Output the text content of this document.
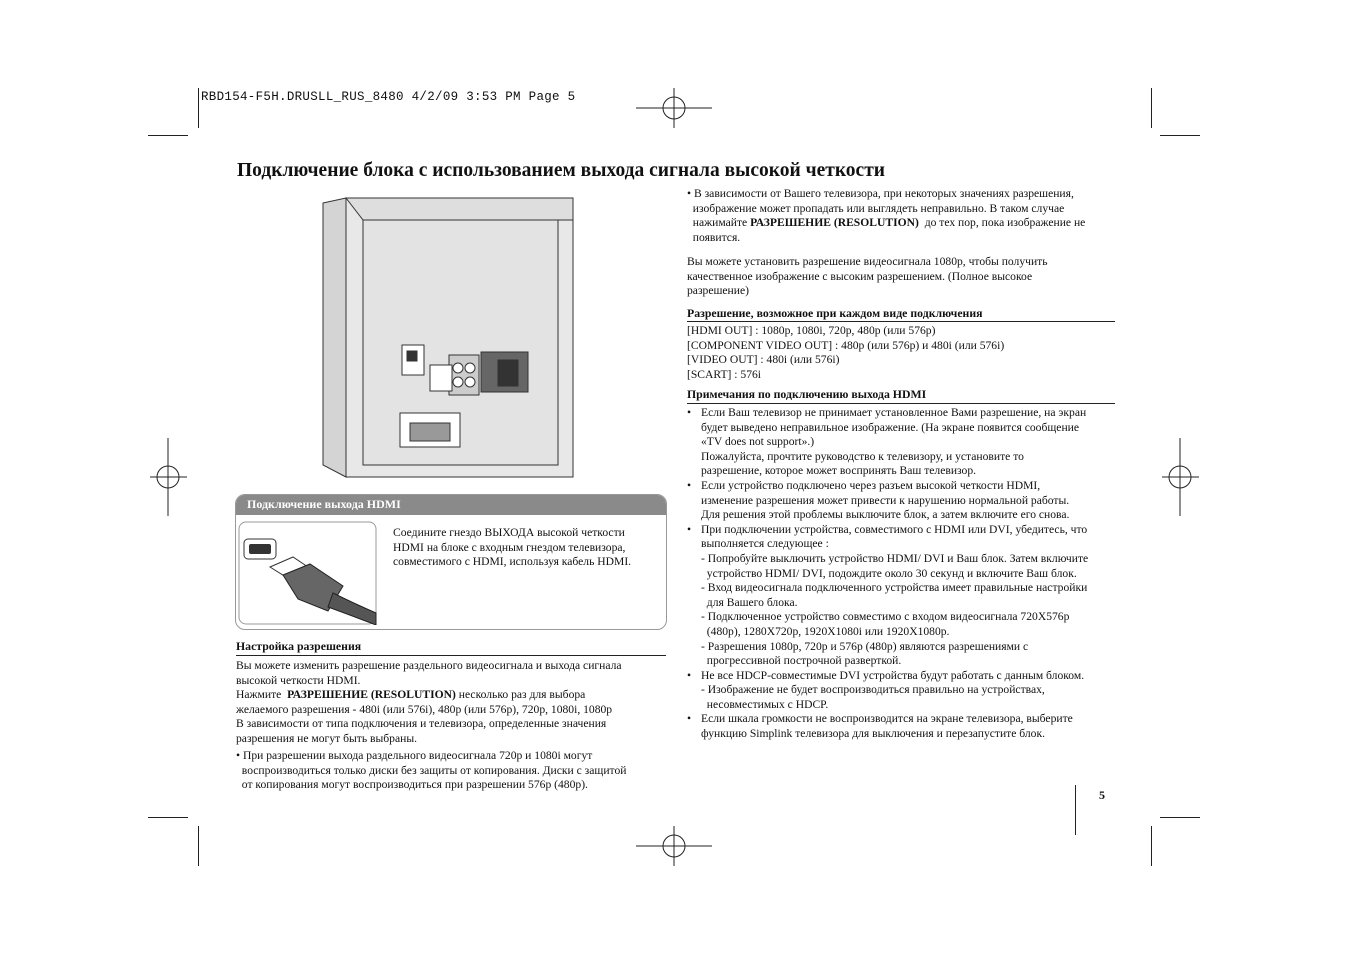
RBD154-F5H.DRUSLL_RUS_8480 4/2/09 3:53 PM Page 5
Подключение блока с использованием выхода сигнала высокой четкости
Подключение выхода HDMI
Соедините гнездо ВЫХОДА высокой четкости
HDMI на блоке с входным гнездом телевизора,
совместимого с HDMI, используя кабель HDMI.
Настройка разрешения
Вы можете изменить разрешение раздельного видеосигнала и выхода сигнала
высокой четкости HDMI.
Нажмите  РАЗРЕШЕНИЕ (RESOLUTION) несколько раз для выбора
желаемого разрешения - 480i (или 576i), 480p (или 576p), 720p, 1080i, 1080p
В зависимости от типа подключения и телевизора, определенные значения
разрешения не могут быть выбраны.
• При разрешении выхода раздельного видеосигнала 720p и 1080i могут
воспроизводиться только диски без защиты от копирования. Диски с защитой
от копирования могут воспроизводиться при разрешении 576p (480p).
• В зависимости от Вашего телевизора, при некоторых значениях разрешения,
изображение может пропадать или выглядеть неправильно. В таком случае
нажимайте РАЗРЕШЕНИЕ (RESOLUTION)  до тех пор, пока изображение не
появится.
Вы можете установить разрешение видеосигнала 1080p, чтобы получить
качественное изображение с высоким разрешением. (Полное высокое
разрешение)
Разрешение, возможное при каждом виде подключения
[HDMI OUT] : 1080p, 1080i, 720p, 480p (или 576p)
[COMPONENT VIDEO OUT] : 480p (или 576p) и 480i (или 576i)
[VIDEO OUT] : 480i (или 576i)
[SCART] : 576i
Примечания по подключению выхода HDMI
• Если Ваш телевизор не принимает установленное Вами разрешение, на экран
будет выведено неправильное изображение. (На экране появится сообщение
«TV does not support».)
Пожалуйста, прочтите руководство к телевизору, и установите то
разрешение, которое может воспринять Ваш телевизор.
• Если устройство подключено через разъем высокой четкости HDMI,
изменение разрешения может привести к нарушению нормальной работы.
Для решения этой проблемы выключите блок, а затем включите его снова.
• При подключении устройства, совместимого с HDMI или DVI, убедитесь, что
выполняется следующее :
- Попробуйте выключить устройство HDMI/ DVI и Ваш блок. Затем включите
устройство HDMI/ DVI, подождите около 30 секунд и включите Ваш блок.
- Вход видеосигнала подключенного устройства имеет правильные настройки
для Вашего блока.
- Подключенное устройство совместимо с входом видеосигнала 720X576p
(480p), 1280X720p, 1920X1080i или 1920X1080p.
- Разрешения 1080p, 720p и 576p (480p) являются разрешениями с
прогрессивной построчной разверткой.
• Не все HDCP-совместимые DVI устройства будут работать с данным блоком.
- Изображение не будет воспроизводиться правильно на устройствах,
несовместимых с HDCP.
• Если шкала громкости не воспроизводится на экране телевизора, выберите
функцию Simplink телевизора для выключения и перезапустите блок.
5
